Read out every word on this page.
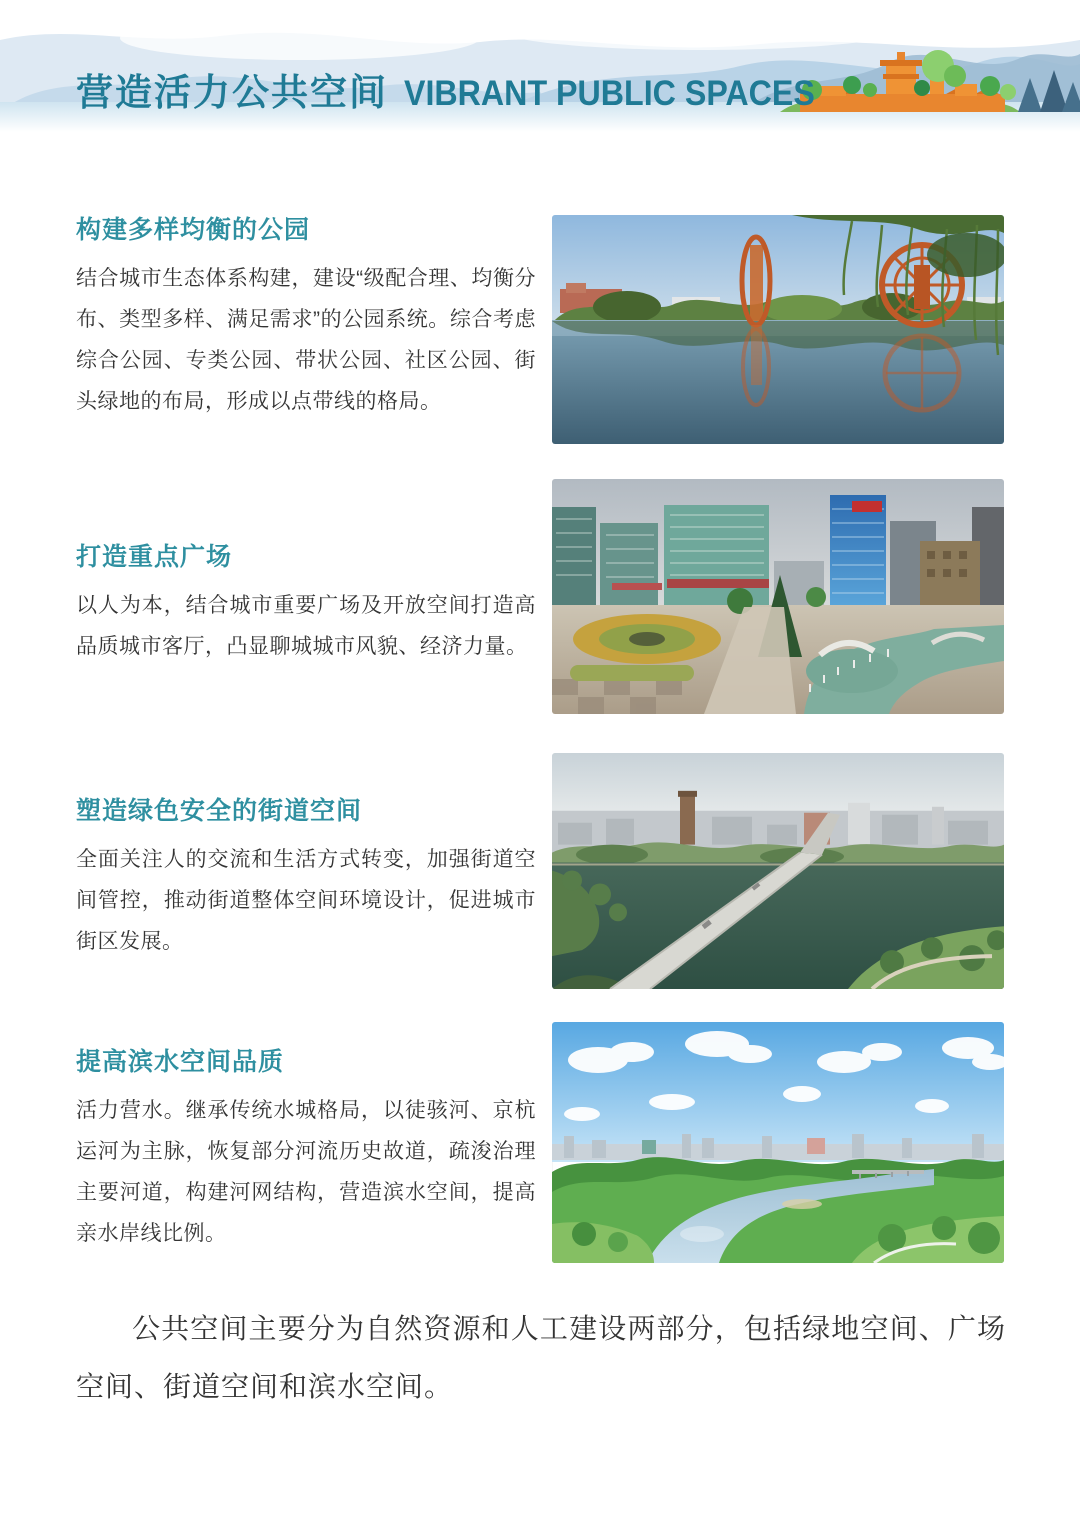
营造活力公共空间 VIBRANT PUBLIC SPACES
构建多样均衡的公园

结合城市生态体系构建，建设“级配合理、均衡分布、类型多样、满足需求”的公园系统。综合考虑综合公园、专类公园、带状公园、社区公园、街头绿地的布局，形成以点带线的格局。

打造重点广场

以人为本，结合城市重要广场及开放空间打造高品质城市客厅，凸显聊城城市风貌、经济力量。

塑造绿色安全的街道空间

全面关注人的交流和生活方式转变，加强街道空间管控，推动街道整体空间环境设计，促进城市街区发展。

提高滨水空间品质

活力营水。继承传统水城格局，以徒骇河、京杭运河为主脉，恢复部分河流历史故道，疏浚治理主要河道，构建河网结构，营造滨水空间，提高亲水岸线比例。

公共空间主要分为自然资源和人工建设两部分，包括绿地空间、广场空间、街道空间和滨水空间。
